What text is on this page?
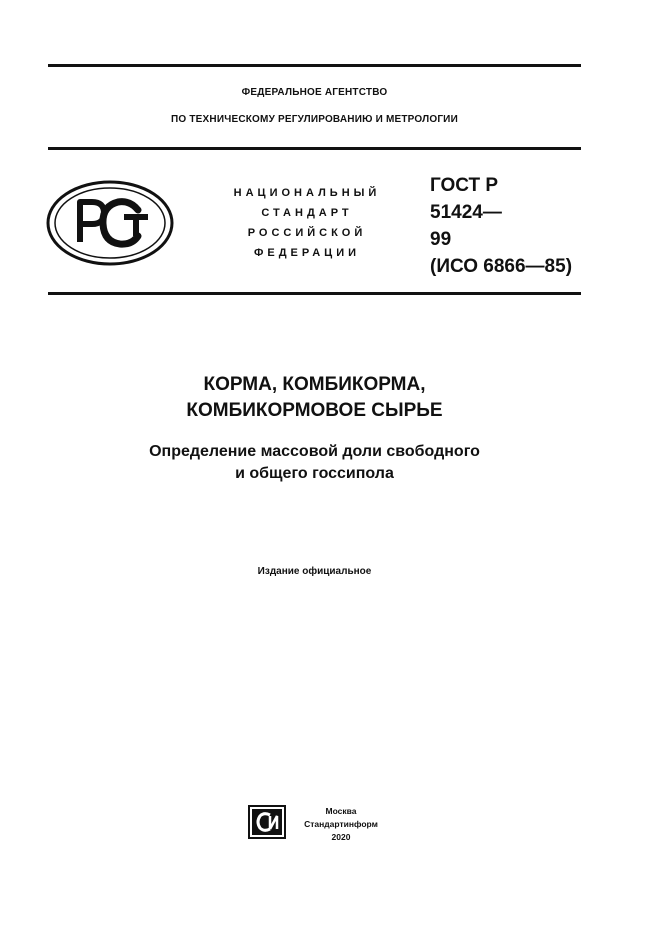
ФЕДЕРАЛЬНОЕ АГЕНТСТВО
ПО ТЕХНИЧЕСКОМУ РЕГУЛИРОВАНИЮ И МЕТРОЛОГИИ
НАЦИОНАЛЬНЫЙ
СТАНДАРТ
РОССИЙСКОЙ
ФЕДЕРАЦИИ
ГОСТ Р
51424—
99
(ИСО 6866—85)
КОРМА, КОМБИКОРМА,
КОМБИКОРМОВОЕ СЫРЬЕ
Определение массовой доли свободного
и общего госсипола
Издание официальное
Москва
Стандартинформ
2020
